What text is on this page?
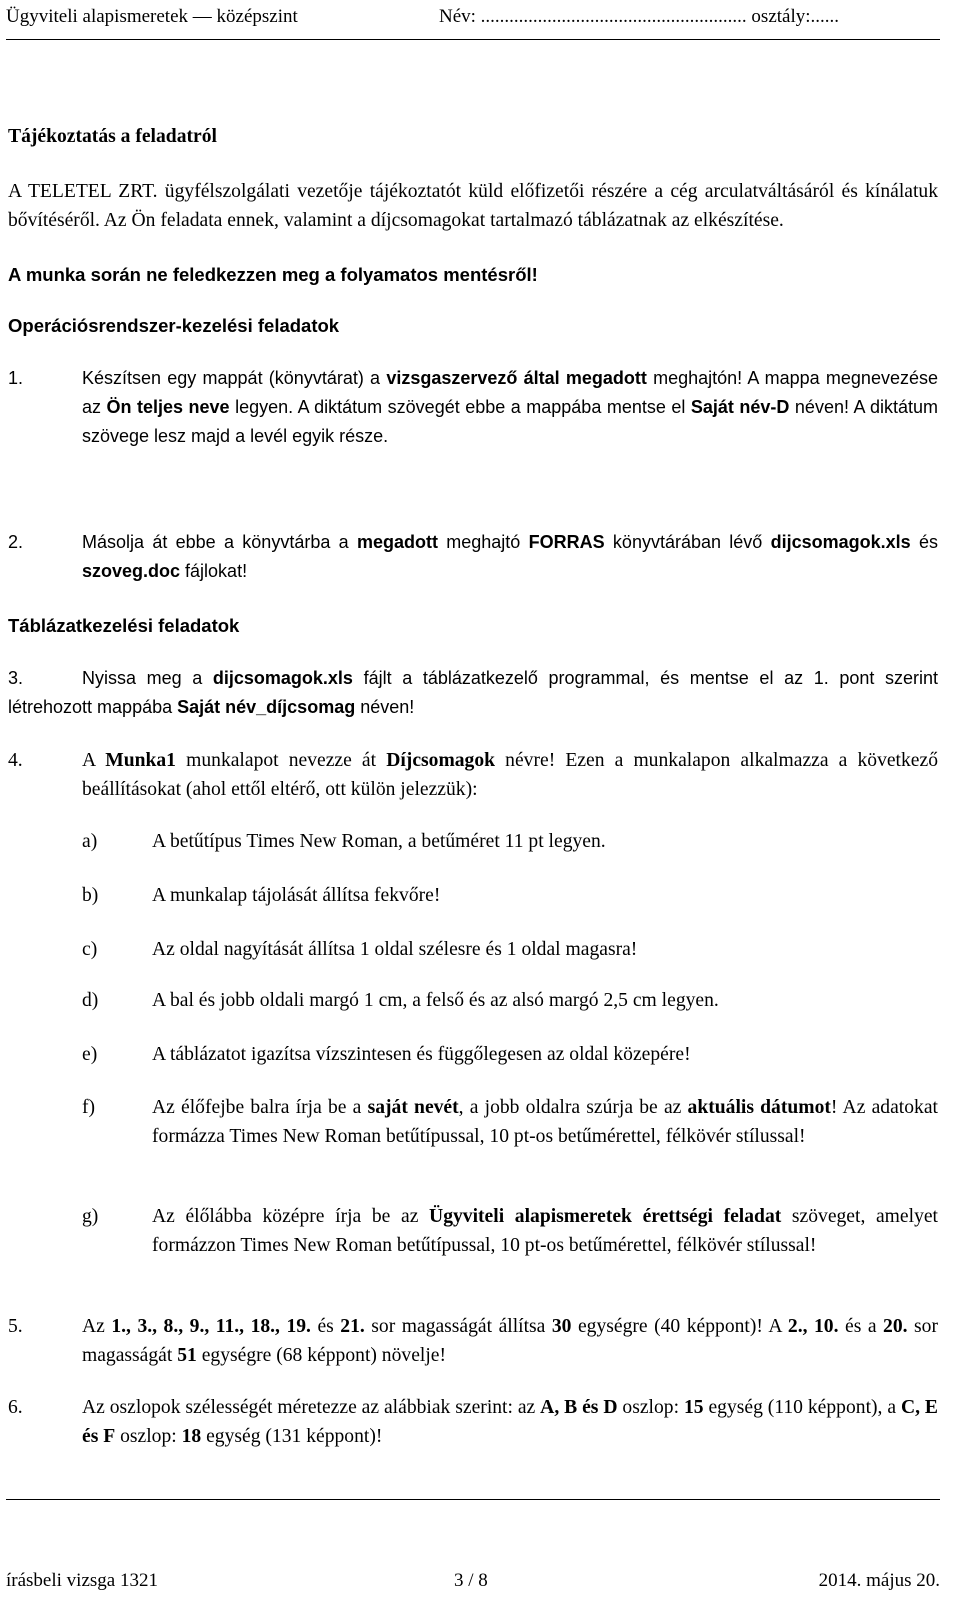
Ügyviteli alapismeretek — középszint	Név: ........................................................ osztály:......
Tájékoztatás a feladatról
A TELETEL ZRT. ügyfélszolgálati vezetője tájékoztatót küld előfizetői részére a cég arculatváltásáról és kínálatuk bővítéséről. Az Ön feladata ennek, valamint a díjcsomagokat tartalmazó táblázatnak az elkészítése.
A munka során ne feledkezzen meg a folyamatos mentésről!
Operációsrendszer-kezelési feladatok
1.	Készítsen egy mappát (könyvtárat) a vizsgaszervező által megadott meghajtón! A mappa megnevezése az Ön teljes neve legyen. A diktátum szövegét ebbe a mappába mentse el Saját név-D néven! A diktátum szövege lesz majd a levél egyik része.
2.	Másolja át ebbe a könyvtárba a megadott meghajtó FORRAS könyvtárában lévő dijcsomagok.xls és szoveg.doc fájlokat!
Táblázatkezelési feladatok
3.	Nyissa meg a dijcsomagok.xls fájlt a táblázatkezelő programmal, és mentse el az 1. pont szerint létrehozott mappába Saját név_díjcsomag néven!
4.	A Munka1 munkalapot nevezze át Díjcsomagok névre! Ezen a munkalapon alkalmazza a következő beállításokat (ahol ettől eltérő, ott külön jelezzük):
a)	A betűtípus Times New Roman, a betűméret 11 pt legyen.
b)	A munkalap tájolását állítsa fekvőre!
c)	Az oldal nagyítását állítsa 1 oldal szélesre és 1 oldal magasra!
d)	A bal és jobb oldali margó 1 cm, a felső és az alsó margó 2,5 cm legyen.
e)	A táblázatot igazítsa vízszintesen és függőlegesen az oldal közepére!
f)	Az élőfejbe balra írja be a saját nevét, a jobb oldalra szúrja be az aktuális dátumot! Az adatokat formázza Times New Roman betűtípussal, 10 pt-os betűmérettel, félkövér stílussal!
g)	Az élőlábba középre írja be az Ügyviteli alapismeretek érettségi feladat szöveget, amelyet formázzon Times New Roman betűtípussal, 10 pt-os betűmérettel, félkövér stílussal!
5.	Az 1., 3., 8., 9., 11., 18., 19. és 21. sor magasságát állítsa 30 egységre (40 képpont)! A 2., 10. és a 20. sor magasságát 51 egységre (68 képpont) növelje!
6.	Az oszlopok szélességét méretezze az alábbiak szerint: az A, B és D oszlop: 15 egység (110 képpont), a C, E és F oszlop: 18 egység (131 képpont)!
írásbeli vizsga 1321	3 / 8	2014. május 20.
